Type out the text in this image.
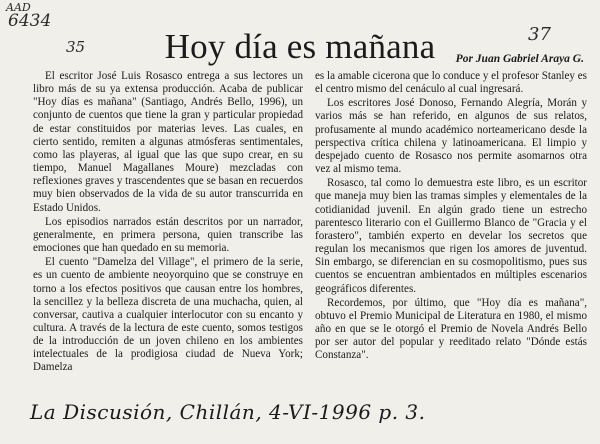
AAD
6434
35
37
Hoy día es mañana	Por Juan Gabriel Araya G.

El escritor José Luis Rosasco entrega a sus lectores un libro más de su ya extensa producción. Acaba de publicar "Hoy días es mañana" (Santiago, Andrés Bello, 1996), un conjunto de cuentos que tiene la gran y particular propiedad de estar constituidos por materias leves. Las cuales, en cierto sentido, remiten a algunas atmósferas sentimentales, como las playeras, al igual que las que supo crear, en su tiempo, Manuel Magallanes Moure) mezcladas con reflexiones graves y trascendentes que se basan en recuerdos muy bien observados de la vida de su autor transcurrida en Estado Unidos.

Los episodios narrados están descritos por un narrador, generalmente, en primera persona, quien transcribe las emociones que han quedado en su memoria.

El cuento "Damelza del Village", el primero de la serie, es un cuento de ambiente neoyorquino que se construye en torno a los efectos positivos que causan entre los hombres, la sencillez y la belleza discreta de una muchacha, quien, al conversar, cautiva a cualquier interlocutor con su encanto y cultura. A través de la lectura de este cuento, somos testigos de la introducción de un joven chileno en los ambientes intelectuales de la prodigiosa ciudad de Nueva York; Damelza

es la amable cicerona que lo conduce y el profesor Stanley es el centro mismo del cenáculo al cual ingresará.

Los escritores José Donoso, Fernando Alegría, Morán y varios más se han referido, en algunos de sus relatos, profusamente al mundo académico norteamericano desde la perspectiva crítica chilena y latinoamericana. El limpio y despejado cuento de Rosasco nos permite asomarnos otra vez al mismo tema.

Rosasco, tal como lo demuestra este libro, es un escritor que maneja muy bien las tramas simples y elementales de la cotidianidad juvenil. En algún grado tiene un estrecho parentesco literario con el Guillermo Blanco de "Gracia y el forastero", también experto en develar los secretos que regulan los mecanismos que rigen los amores de juventud. Sin embargo, se diferencian en su cosmopolitismo, pues sus cuentos se encuentran ambientados en múltiples escenarios geográficos diferentes.

Recordemos, por último, que "Hoy día es mañana", obtuvo el Premio Municipal de Literatura en 1980, el mismo año en que se le otorgó el Premio de Novela Andrés Bello por ser autor del popular y reeditado relato "Dónde estás Constanza".

La Discusión, Chillán, 4-VI-1996 p. 3.
